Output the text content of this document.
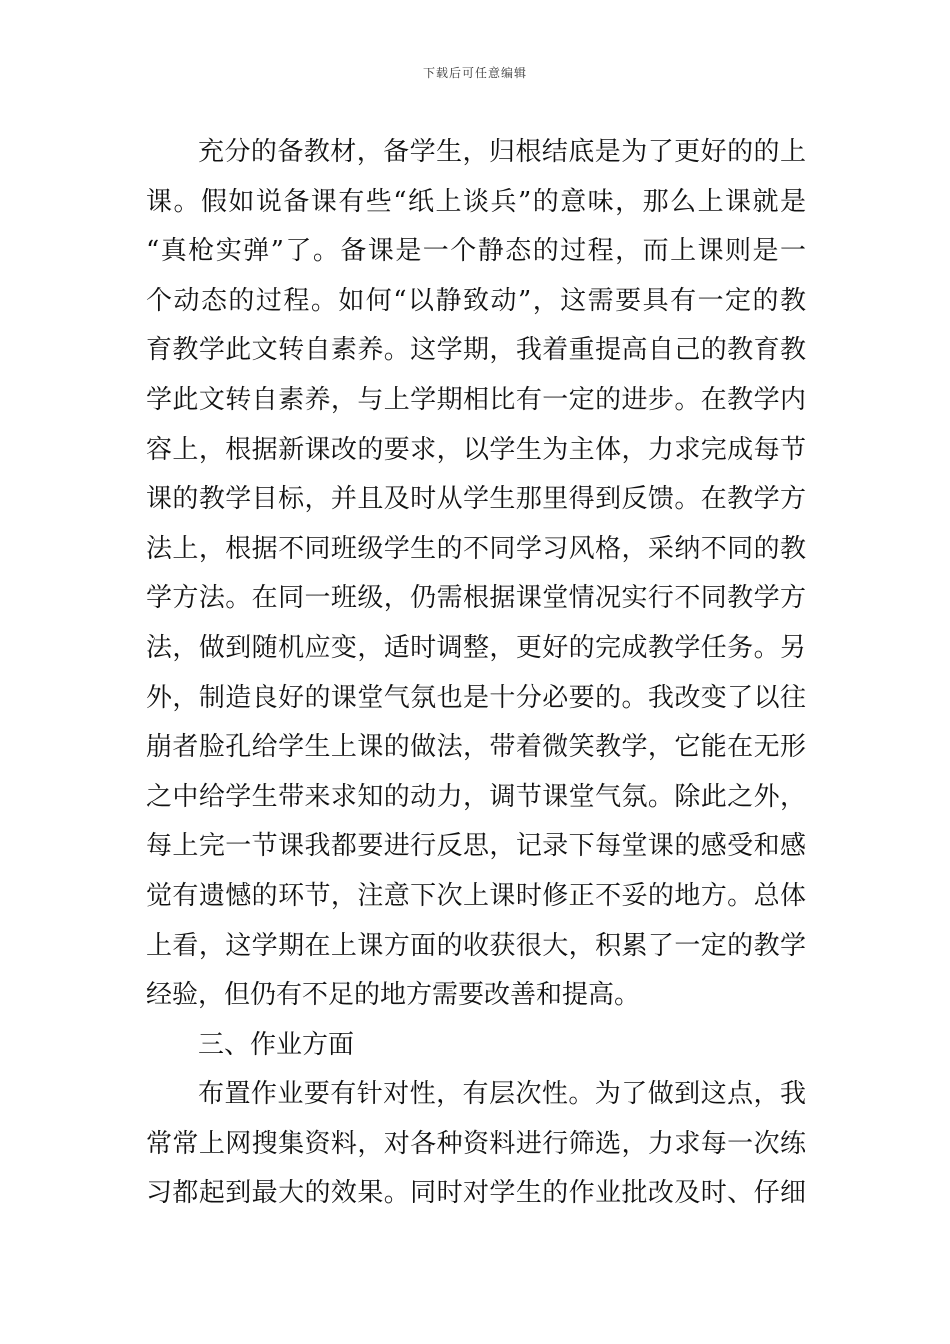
下载后可任意编辑
充分的备教材，备学生，归根结底是为了更好的的上
课。假如说备课有些“纸上谈兵”的意味，那么上课就是
“真枪实弹”了。备课是一个静态的过程，而上课则是一
个动态的过程。如何“以静致动”，这需要具有一定的教
育教学此文转自素养。这学期，我着重提高自己的教育教
学此文转自素养，与上学期相比有一定的进步。在教学内
容上，根据新课改的要求，以学生为主体，力求完成每节
课的教学目标，并且及时从学生那里得到反馈。在教学方
法上，根据不同班级学生的不同学习风格，采纳不同的教
学方法。在同一班级，仍需根据课堂情况实行不同教学方
法，做到随机应变，适时调整，更好的完成教学任务。另
外，制造良好的课堂气氛也是十分必要的。我改变了以往
崩者脸孔给学生上课的做法，带着微笑教学，它能在无形
之中给学生带来求知的动力，调节课堂气氛。除此之外，
每上完一节课我都要进行反思，记录下每堂课的感受和感
觉有遗憾的环节，注意下次上课时修正不妥的地方。总体
上看，这学期在上课方面的收获很大，积累了一定的教学
经验，但仍有不足的地方需要改善和提高。
三、作业方面
布置作业要有针对性，有层次性。为了做到这点，我
常常上网搜集资料，对各种资料进行筛选，力求每一次练
习都起到最大的效果。同时对学生的作业批改及时、仔细
